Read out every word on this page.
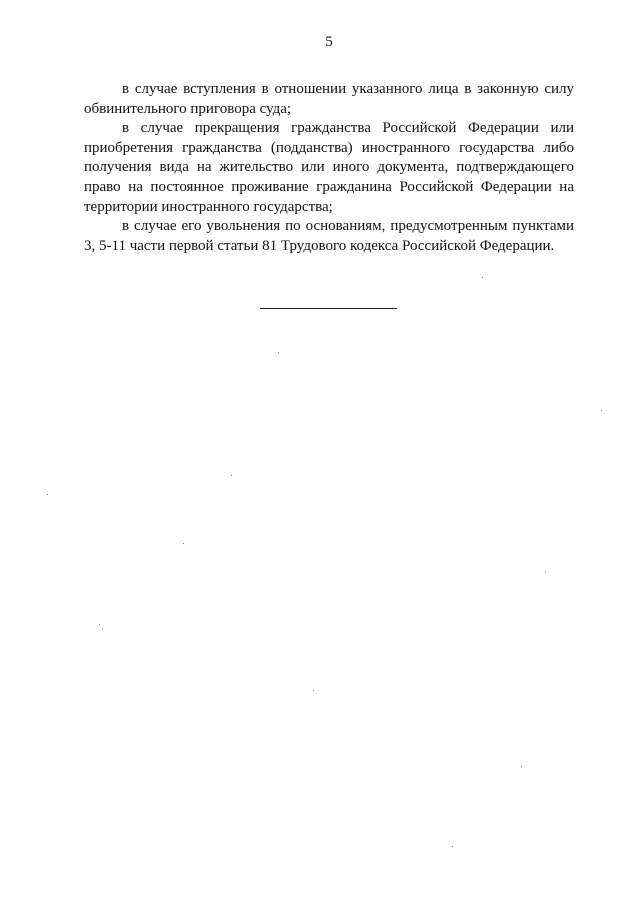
5

в случае вступления в отношении указанного лица в законную силу обвинительного приговора суда;

в случае прекращения гражданства Российской Федерации или приобретения гражданства (подданства) иностранного государства либо получения вида на жительство или иного документа, подтверждающего право на постоянное проживание гражданина Российской Федерации на территории иностранного государства;

в случае его увольнения по основаниям, предусмотренным пунктами 3, 5-11 части первой статьи 81 Трудового кодекса Российской Федерации.
